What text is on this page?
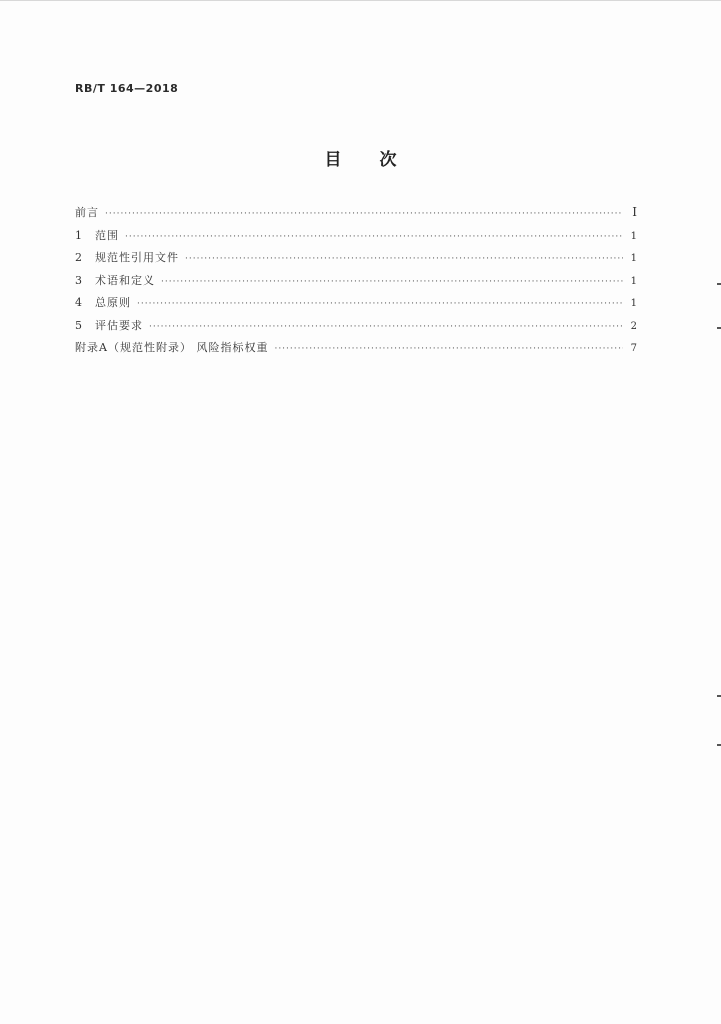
RB/T 164—2018
目次
前言 ·····	Ⅰ
1	范围 ·····	1
2	规范性引用文件 ·····	1
3	术语和定义 ·····	1
4	总原则 ·····	1
5	评估要求 ·····	2
附录A（规范性附录） 风险指标权重 ·····	7
